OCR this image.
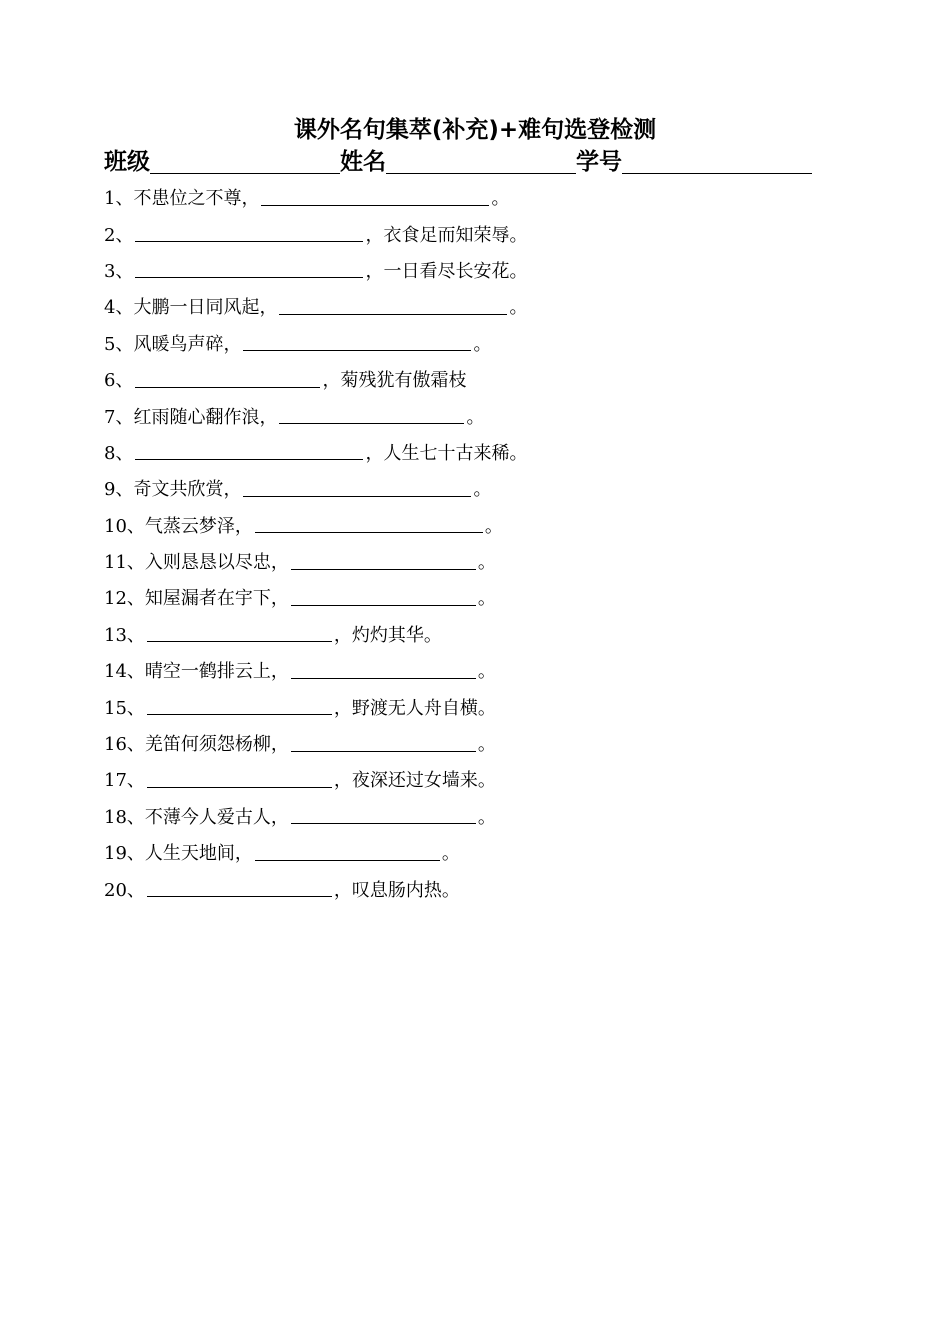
课外名句集萃(补充)+难句选登检测
班级	姓名	学号
1、 不患位之不尊，	。
2、	，衣食足而知荣辱。
3、	，一日看尽长安花。
4、 大鹏一日同风起，	。
5、 风暖鸟声碎，	。
6、	，菊残犹有傲霜枝
7、 红雨随心翻作浪，	。
8、	，人生七十古来稀。
9、 奇文共欣赏，	。
10、 气蒸云梦泽，	。
11、 入则恳恳以尽忠，	。
12、 知屋漏者在宇下，	。
13、	，灼灼其华。
14、 晴空一鹤排云上，	。
15、	，野渡无人舟自横。
16、 羌笛何须怨杨柳，	。
17、	，夜深还过女墙来。
18、 不薄今人爱古人，	。
19、 人生天地间，	。
20、	，叹息肠内热。
